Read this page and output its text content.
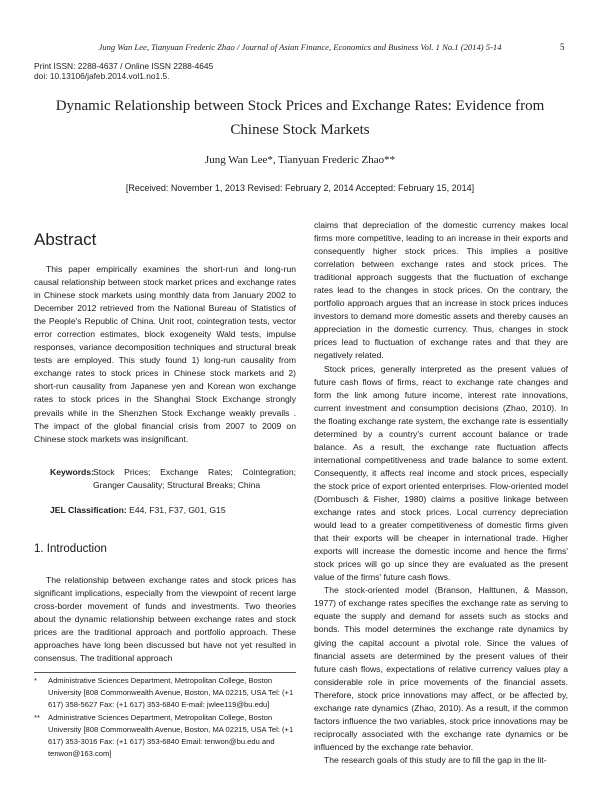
Jung Wan Lee, Tianyuan Frederic Zhao / Journal of Asian Finance, Economics and Business Vol. 1 No.1 (2014) 5-14	5
Print ISSN: 2288-4637 / Online ISSN 2288-4645
doi: 10.13106/jafeb.2014.vol1.no1.5.
Dynamic Relationship between Stock Prices and Exchange Rates: Evidence from Chinese Stock Markets
Jung Wan Lee*, Tianyuan Frederic Zhao**
[Received: November 1, 2013 Revised: February 2, 2014 Accepted: February 15, 2014]
Abstract
This paper empirically examines the short-run and long-run causal relationship between stock market prices and exchange rates in Chinese stock markets using monthly data from January 2002 to December 2012 retrieved from the National Bureau of Statistics of the People's Republic of China. Unit root, cointegration tests, vector error correction estimates, block exogeneity Wald tests, impulse responses, variance decomposition techniques and structural break tests are employed. This study found 1) long-run causality from exchange rates to stock prices in Chinese stock markets and 2) short-run causality from Japanese yen and Korean won exchange rates to stock prices in the Shanghai Stock Exchange strongly prevails while in the Shenzhen Stock Exchange weakly prevails . The impact of the global financial crisis from 2007 to 2009 on Chinese stock markets was insignificant.
Keywords: Stock Prices; Exchange Rates; Cointegration; Granger Causality; Structural Breaks; China
JEL Classification: E44, F31, F37, G01, G15
1. Introduction
The relationship between exchange rates and stock prices has significant implications, especially from the viewpoint of recent large cross-border movement of funds and investments. Two theories about the dynamic relationship between exchange rates and stock prices are the traditional approach and portfolio approach. These approaches have long been discussed but have not yet resulted in consensus. The traditional approach
* Administrative Sciences Department, Metropolitan College, Boston University [808 Commonwealth Avenue, Boston, MA 02215, USA Tel: (+1 617) 358-5627 Fax: (+1 617) 353-6840 E-mail: jwlee119@bu.edu]
** Administrative Sciences Department, Metropolitan College, Boston University [808 Commonwealth Avenue, Boston, MA 02215, USA Tel: (+1 617) 353-3016 Fax: (+1 617) 353-6840 Email: tenwon@bu.edu and tenwon@163.com]

claims that depreciation of the domestic currency makes local firms more competitive, leading to an increase in their exports and consequently higher stock prices. This implies a positive correlation between exchange rates and stock prices. The traditional approach suggests that the fluctuation of exchange rates lead to the changes in stock prices. On the contrary, the portfolio approach argues that an increase in stock prices induces investors to demand more domestic assets and thereby causes an appreciation in the domestic currency. Thus, changes in stock prices lead to fluctuation of exchange rates and that they are negatively related.

Stock prices, generally interpreted as the present values of future cash flows of firms, react to exchange rate changes and form the link among future income, interest rate innovations, current investment and consumption decisions (Zhao, 2010). In the floating exchange rate system, the exchange rate is essentially determined by a country's current account balance or trade balance. As a result, the exchange rate fluctuation affects international competitiveness and trade balance to some extent. Consequently, it affects real income and stock prices, especially the stock price of export oriented enterprises. Flow-oriented model (Dornbusch & Fisher, 1980) claims a positive linkage between exchange rates and stock prices. Local currency depreciation would lead to a greater competitiveness of domestic firms given that their exports will be cheaper in international trade. Higher exports will increase the domestic income and hence the firms' stock prices will go up since they are evaluated as the present value of the firms' future cash flows.

The stock-oriented model (Branson, Halttunen, & Masson, 1977) of exchange rates specifies the exchange rate as serving to equate the supply and demand for assets such as stocks and bonds. This model determines the exchange rate dynamics by giving the capital account a pivotal role. Since the values of financial assets are determined by the present values of their future cash flows, expectations of relative currency values play a considerable role in price movements of the financial assets. Therefore, stock price innovations may affect, or be affected by, exchange rate dynamics (Zhao, 2010). As a result, if the common factors influence the two variables, stock price innovations may be reciprocally associated with the exchange rate dynamics or be influenced by the exchange rate behavior.

The research goals of this study are to fill the gap in the lit-
